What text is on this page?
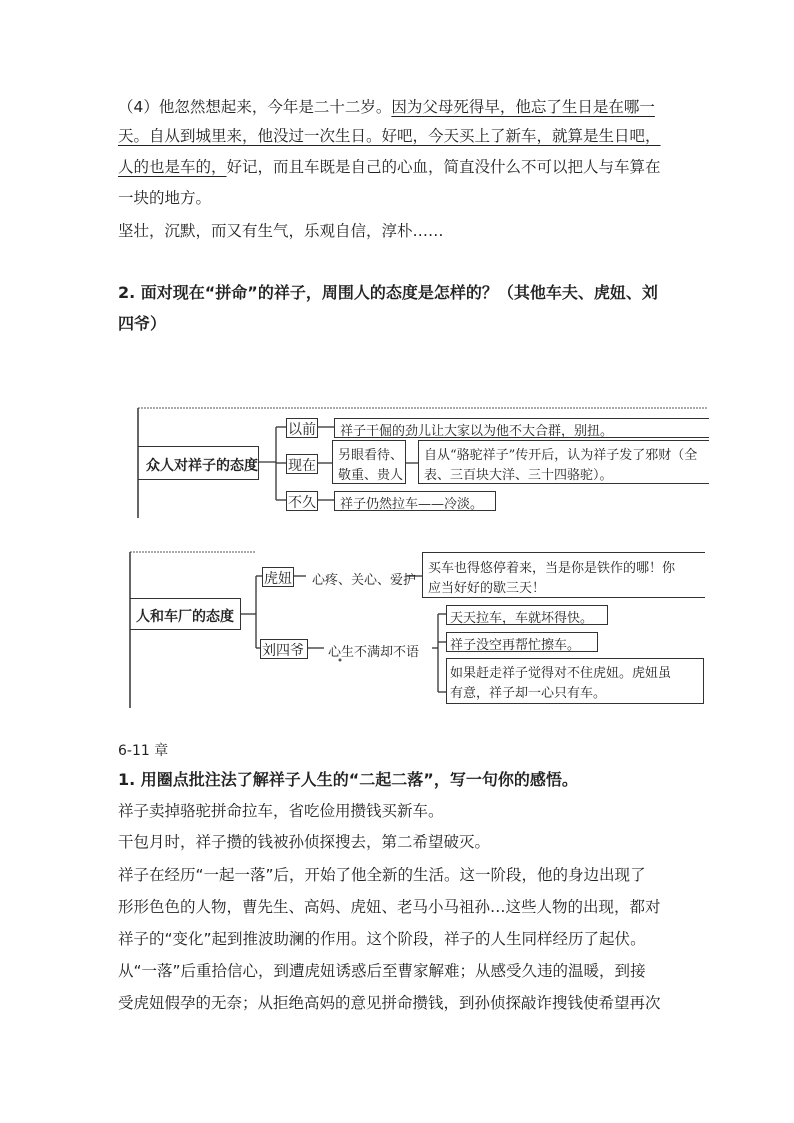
（4）他忽然想起来，今年是二十二岁。因为父母死得早，他忘了生日是在哪一
天。自从到城里来，他没过一次生日。好吧，今天买上了新车，就算是生日吧，
人的也是车的，好记，而且车既是自己的心血，简直没什么不可以把人与车算在
一块的地方。
坚壮，沉默，而又有生气，乐观自信，淳朴……
2. 面对现在“拼命”的祥子，周围人的态度是怎样的？（其他车夫、虎妞、刘
四爷）
众人对祥子的态度
以前 祥子干倔的劲儿让大家以为他不大合群，别扭。
现在
另眼看待、
敬重、贵人
自从“骆驼祥子”传开后，认为祥子发了邪财（全
表、三百块大洋、三十四骆驼）。
不久 祥子仍然拉车——冷淡。
人和车厂的态度
虎妞 心疼、关心、爱护
买车也得悠停着来，当是你是铁作的哪！你
应当好好的歇三天！
刘四爷 心生不满却不语
天天拉车，车就坏得快。
祥子没空再帮忙擦车。
如果赶走祥子觉得对不住虎妞。虎妞虽
有意，祥子却一心只有车。
6-11 章
1. 用圈点批注法了解祥子人生的“二起二落”，写一句你的感悟。
祥子卖掉骆驼拼命拉车，省吃俭用攒钱买新车。
干包月时，祥子攒的钱被孙侦探搜去，第二希望破灭。
祥子在经历“一起一落”后，开始了他全新的生活。这一阶段，他的身边出现了
形形色色的人物，曹先生、高妈、虎妞、老马小马祖孙…这些人物的出现，都对
祥子的“变化”起到推波助澜的作用。这个阶段，祥子的人生同样经历了起伏。
从“一落”后重拾信心，到遭虎妞诱惑后至曹家解难；从感受久违的温暖，到接
受虎妞假孕的无奈；从拒绝高妈的意见拼命攒钱，到孙侦探敲诈搜钱使希望再次
